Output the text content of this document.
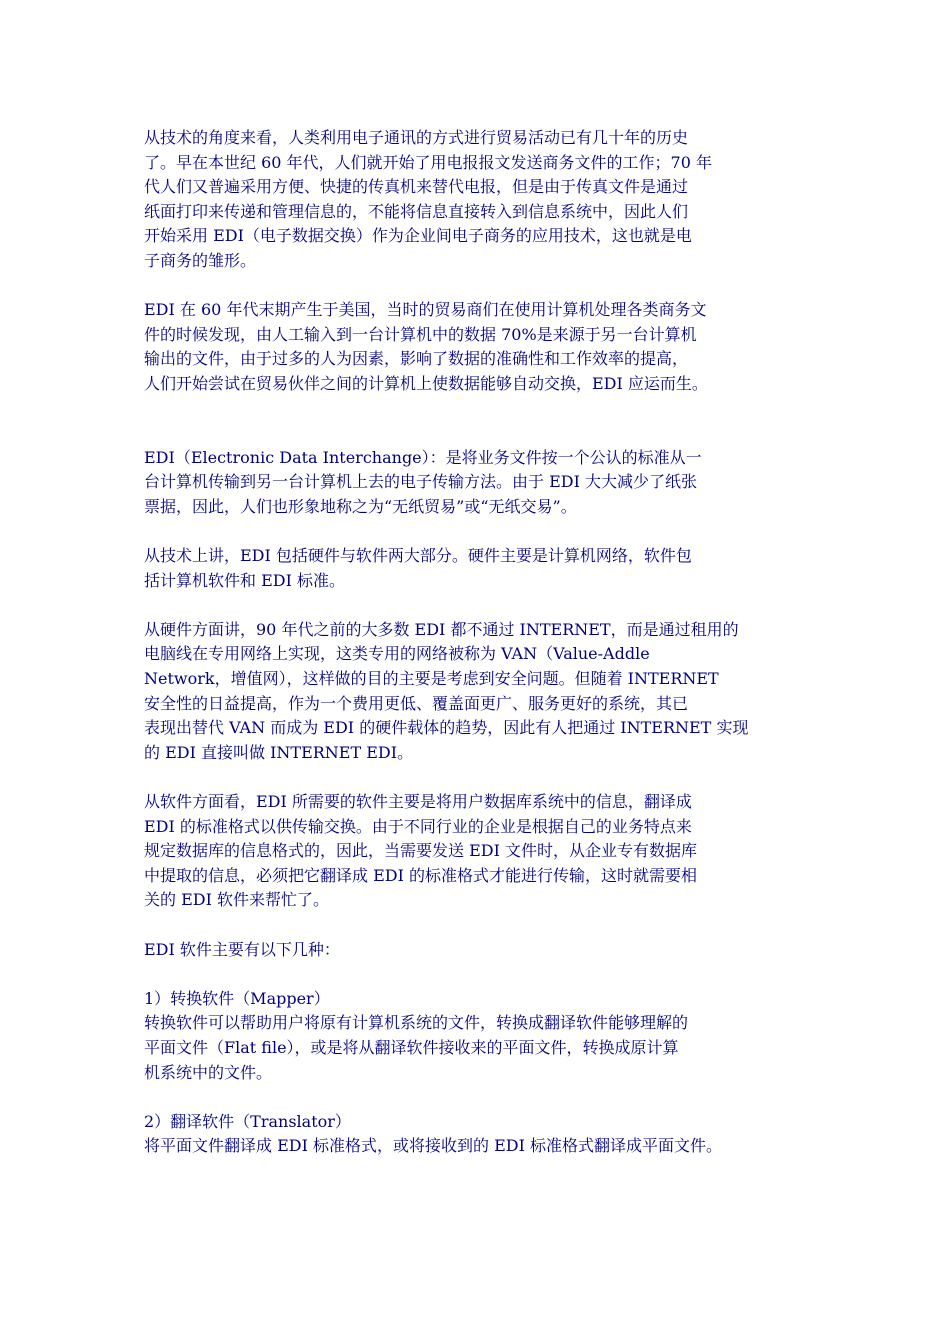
从技术的角度来看，人类利用电子通讯的方式进行贸易活动已有几十年的历史
了。早在本世纪 60 年代，人们就开始了用电报报文发送商务文件的工作；70 年
代人们又普遍采用方便、快捷的传真机来替代电报，但是由于传真文件是通过
纸面打印来传递和管理信息的，不能将信息直接转入到信息系统中，因此人们
开始采用 EDI（电子数据交换）作为企业间电子商务的应用技术，这也就是电
子商务的雏形。

EDI 在 60 年代末期产生于美国，当时的贸易商们在使用计算机处理各类商务文
件的时候发现，由人工输入到一台计算机中的数据 70%是来源于另一台计算机
输出的文件，由于过多的人为因素，影响了数据的准确性和工作效率的提高，
人们开始尝试在贸易伙伴之间的计算机上使数据能够自动交换，EDI 应运而生。

EDI（Electronic Data Interchange）：是将业务文件按一个公认的标准从一
台计算机传输到另一台计算机上去的电子传输方法。由于 EDI 大大减少了纸张
票据，因此，人们也形象地称之为“无纸贸易”或“无纸交易”。

从技术上讲，EDI 包括硬件与软件两大部分。硬件主要是计算机网络，软件包
括计算机软件和 EDI 标准。

从硬件方面讲，90 年代之前的大多数 EDI 都不通过 INTERNET，而是通过租用的
电脑线在专用网络上实现，这类专用的网络被称为 VAN（Value-Addle
Network，增值网），这样做的目的主要是考虑到安全问题。但随着 INTERNET
安全性的日益提高，作为一个费用更低、覆盖面更广、服务更好的系统，其已
表现出替代 VAN 而成为 EDI 的硬件载体的趋势，因此有人把通过 INTERNET 实现
的 EDI 直接叫做 INTERNET EDI。

从软件方面看，EDI 所需要的软件主要是将用户数据库系统中的信息，翻译成
EDI 的标准格式以供传输交换。由于不同行业的企业是根据自己的业务特点来
规定数据库的信息格式的，因此，当需要发送 EDI 文件时，从企业专有数据库
中提取的信息，必须把它翻译成 EDI 的标准格式才能进行传输，这时就需要相
关的 EDI 软件来帮忙了。

EDI 软件主要有以下几种：

1）转换软件（Mapper）
转换软件可以帮助用户将原有计算机系统的文件，转换成翻译软件能够理解的
平面文件（Flat file），或是将从翻译软件接收来的平面文件，转换成原计算
机系统中的文件。

2）翻译软件（Translator）
将平面文件翻译成 EDI 标准格式，或将接收到的 EDI 标准格式翻译成平面文件。
